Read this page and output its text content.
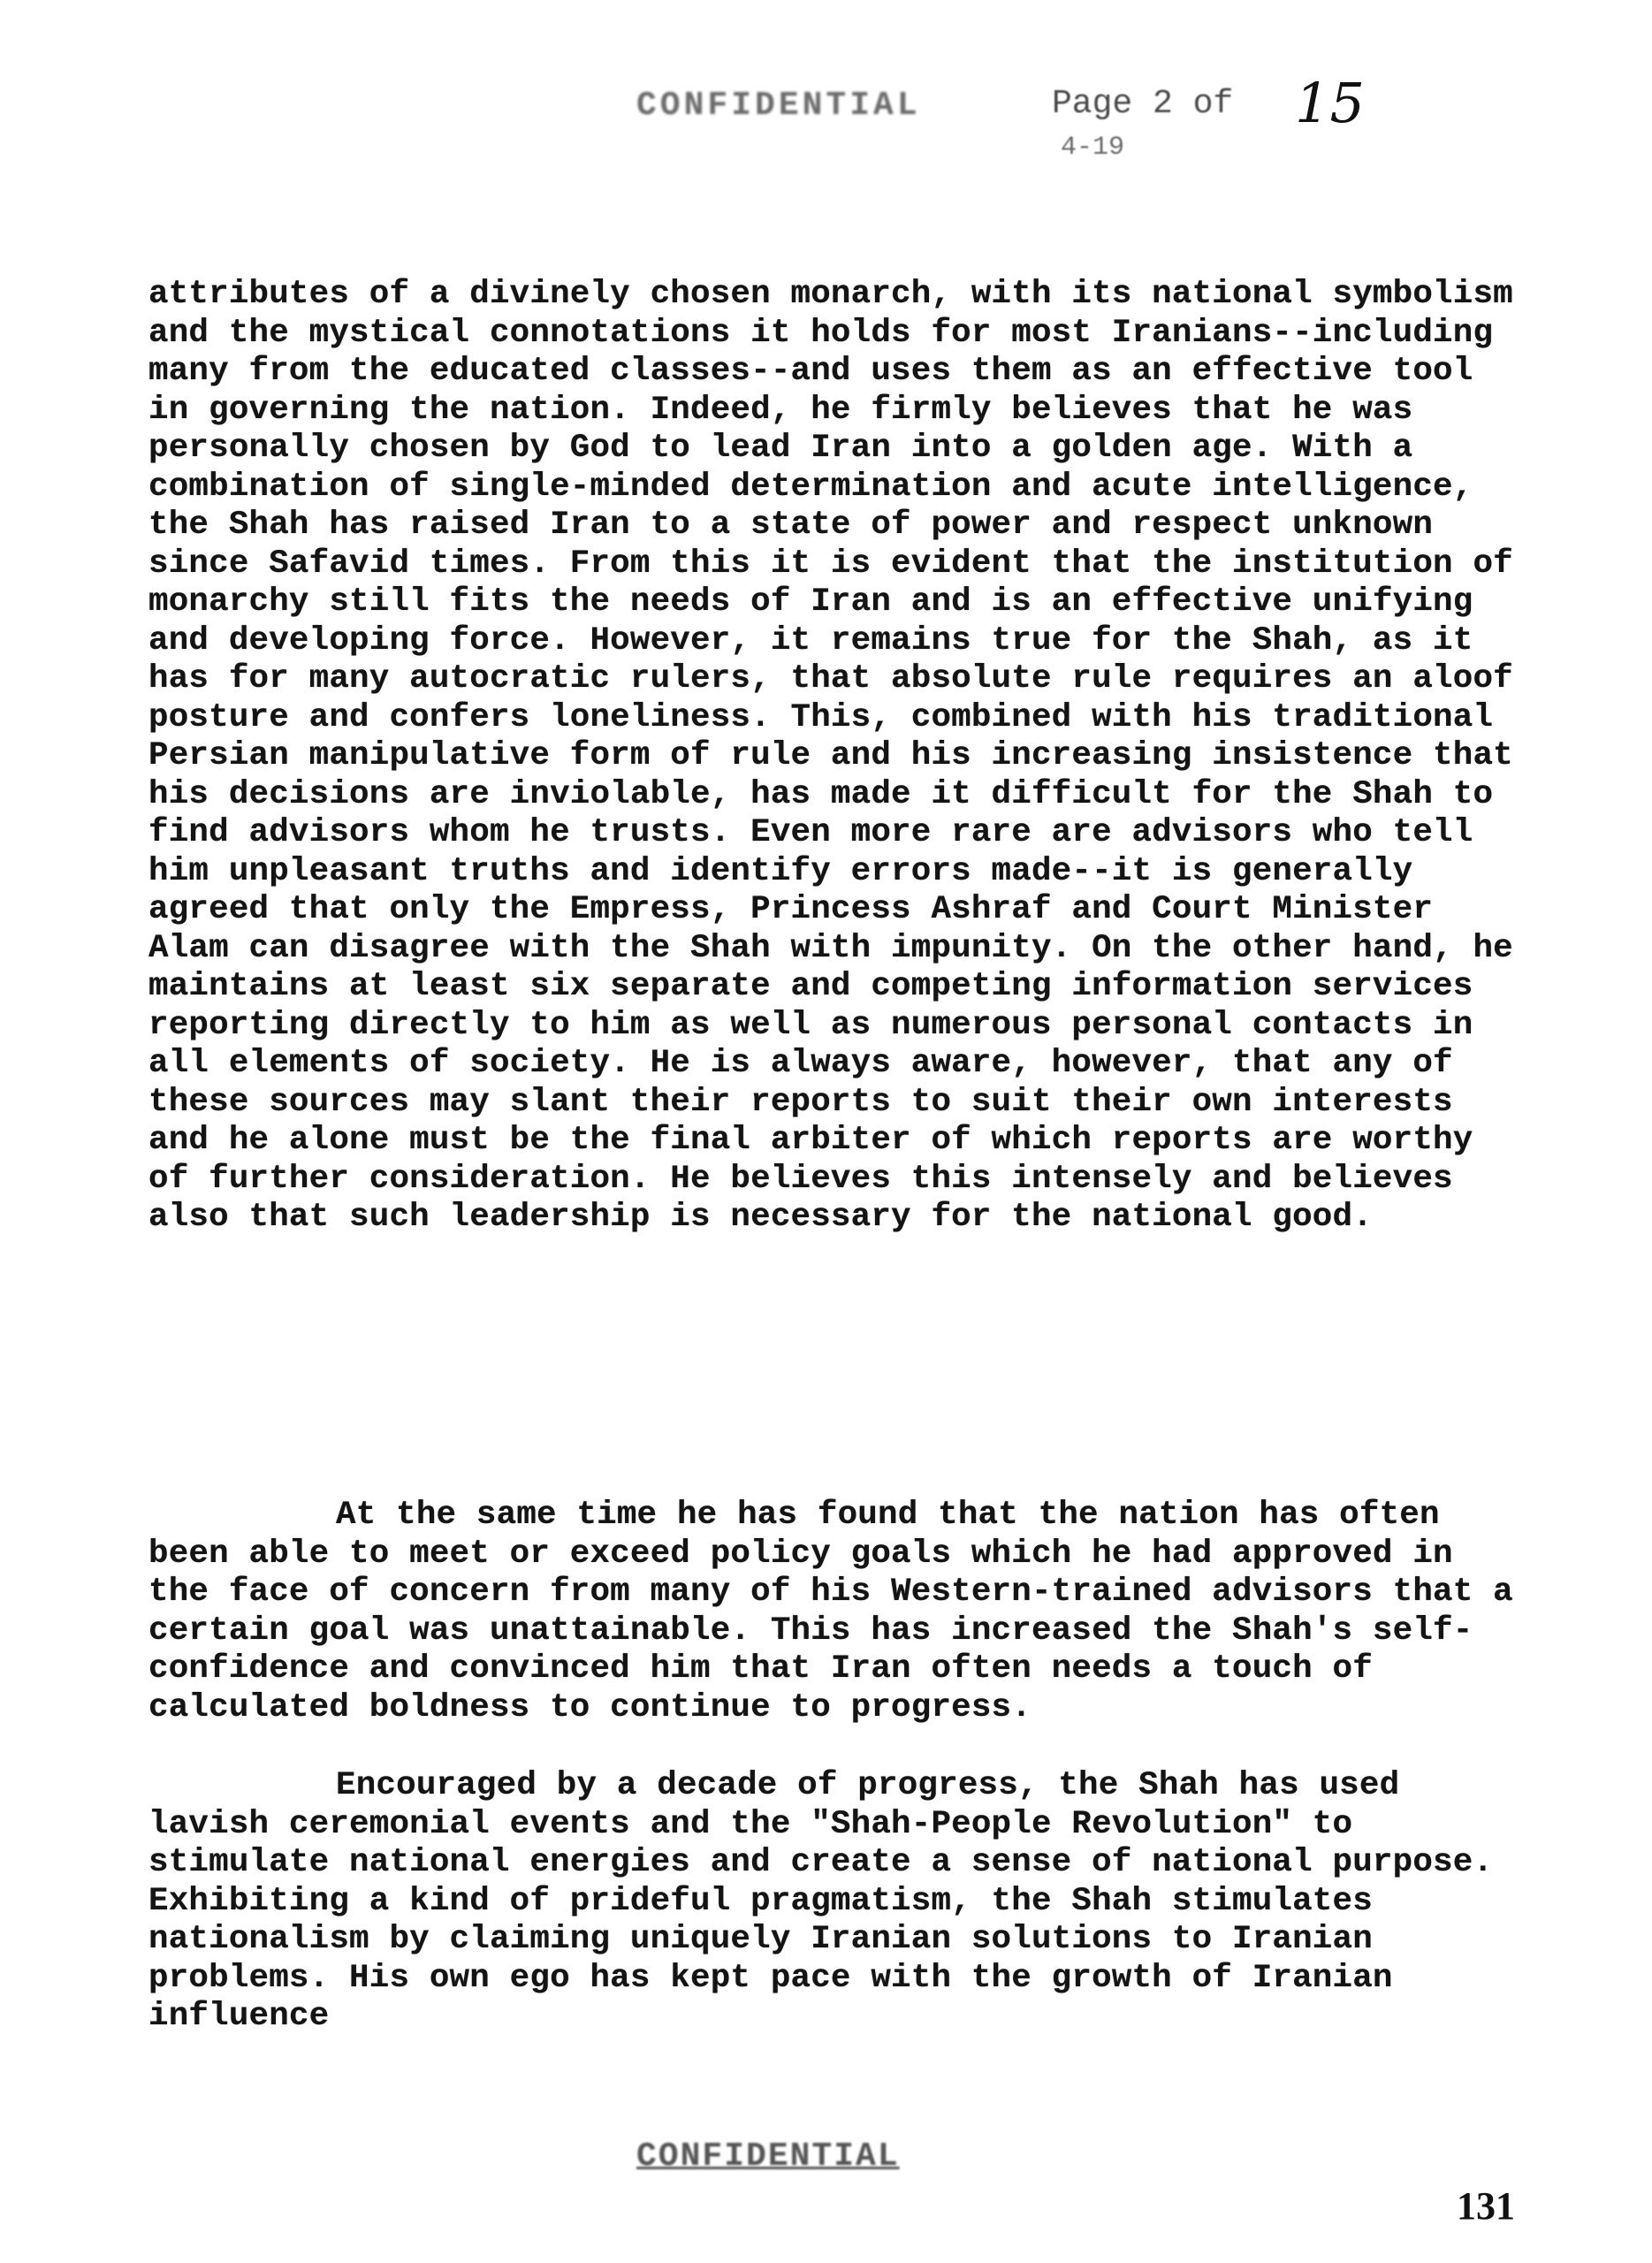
CONFIDENTIAL	Page 2 of 15
4-19

attributes of a divinely chosen monarch, with its national symbolism and the mystical connotations it holds for most Iranians--including many from the educated classes--and uses them as an effective tool in governing the nation. Indeed, he firmly believes that he was personally chosen by God to lead Iran into a golden age. With a combination of single-minded determination and acute intelligence, the Shah has raised Iran to a state of power and respect unknown since Safavid times. From this it is evident that the institution of monarchy still fits the needs of Iran and is an effective unifying and developing force. However, it remains true for the Shah, as it has for many autocratic rulers, that absolute rule requires an aloof posture and confers loneliness. This, combined with his traditional Persian manipulative form of rule and his increasing insistence that his decisions are inviolable, has made it difficult for the Shah to find advisors whom he trusts. Even more rare are advisors who tell him unpleasant truths and identify errors made--it is generally agreed that only the Empress, Princess Ashraf and Court Minister Alam can disagree with the Shah with impunity. On the other hand, he maintains at least six separate and competing information services reporting directly to him as well as numerous personal contacts in all elements of society. He is always aware, however, that any of these sources may slant their reports to suit their own interests and he alone must be the final arbiter of which reports are worthy of further consideration. He believes this intensely and believes also that such leadership is necessary for the national good.

At the same time he has found that the nation has often been able to meet or exceed policy goals which he had approved in the face of concern from many of his Western-trained advisors that a certain goal was unattainable. This has increased the Shah's self-confidence and convinced him that Iran often needs a touch of calculated boldness to continue to progress.

Encouraged by a decade of progress, the Shah has used lavish ceremonial events and the "Shah-People Revolution" to stimulate national energies and create a sense of national purpose. Exhibiting a kind of prideful pragmatism, the Shah stimulates nationalism by claiming uniquely Iranian solutions to Iranian problems. His own ego has kept pace with the growth of Iranian influence

CONFIDENTIAL
131
